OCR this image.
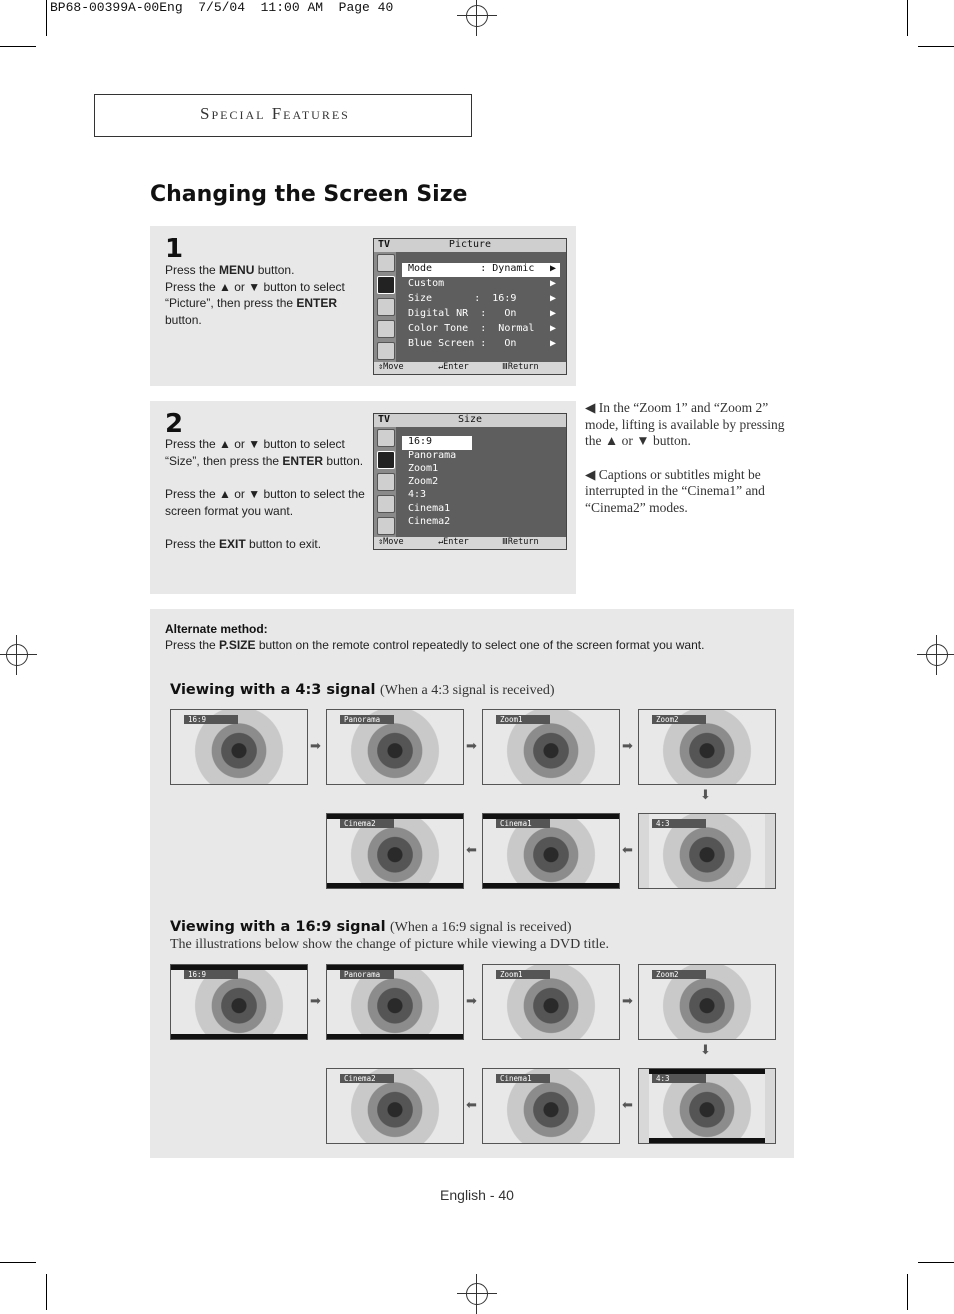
BP68-00399A-00Eng  7/5/04  11:00 AM  Page 40
Special Features
Changing the Screen Size
1
Press the MENU button.
Press the ▲ or ▼ button to select “Picture”, then press the ENTER button.
TV	Picture
Mode        : Dynamic ▶
Custom	▶
Size       :  16:9	▶
Digital NR  :   On	▶
Color Tone  :  Normal ▶
Blue Screen :   On	▶
⇕Move	↵Enter	ⅢReturn
2
Press the ▲ or ▼ button to select “Size”, then press the ENTER button.
Press the ▲ or ▼ button to select the screen format you want.
Press the EXIT button to exit.
TV	Size
16:9
Panorama
Zoom1
Zoom2
4:3
Cinema1
Cinema2
⇕Move	↵Enter	ⅢReturn
◀ In the “Zoom 1” and “Zoom 2” mode, lifting is available by pressing the ▲ or ▼ button.
◀ Captions or subtitles might be interrupted in the “Cinema1” and “Cinema2” modes.
Alternate method:
Press the P.SIZE button on the remote control repeatedly to select one of the screen format you want.
Viewing with a 4:3 signal (When a 4:3 signal is received)
16:9
➡
Panorama
➡
Zoom1
➡
Zoom2
⬇
Cinema2
⬅
Cinema1
⬅
4:3
Viewing with a 16:9 signal (When a 16:9 signal is received)
The illustrations below show the change of picture while viewing a DVD title.
16:9
➡
Panorama
➡
Zoom1
➡
Zoom2
⬇
Cinema2
⬅
Cinema1
⬅
4:3
English - 40
